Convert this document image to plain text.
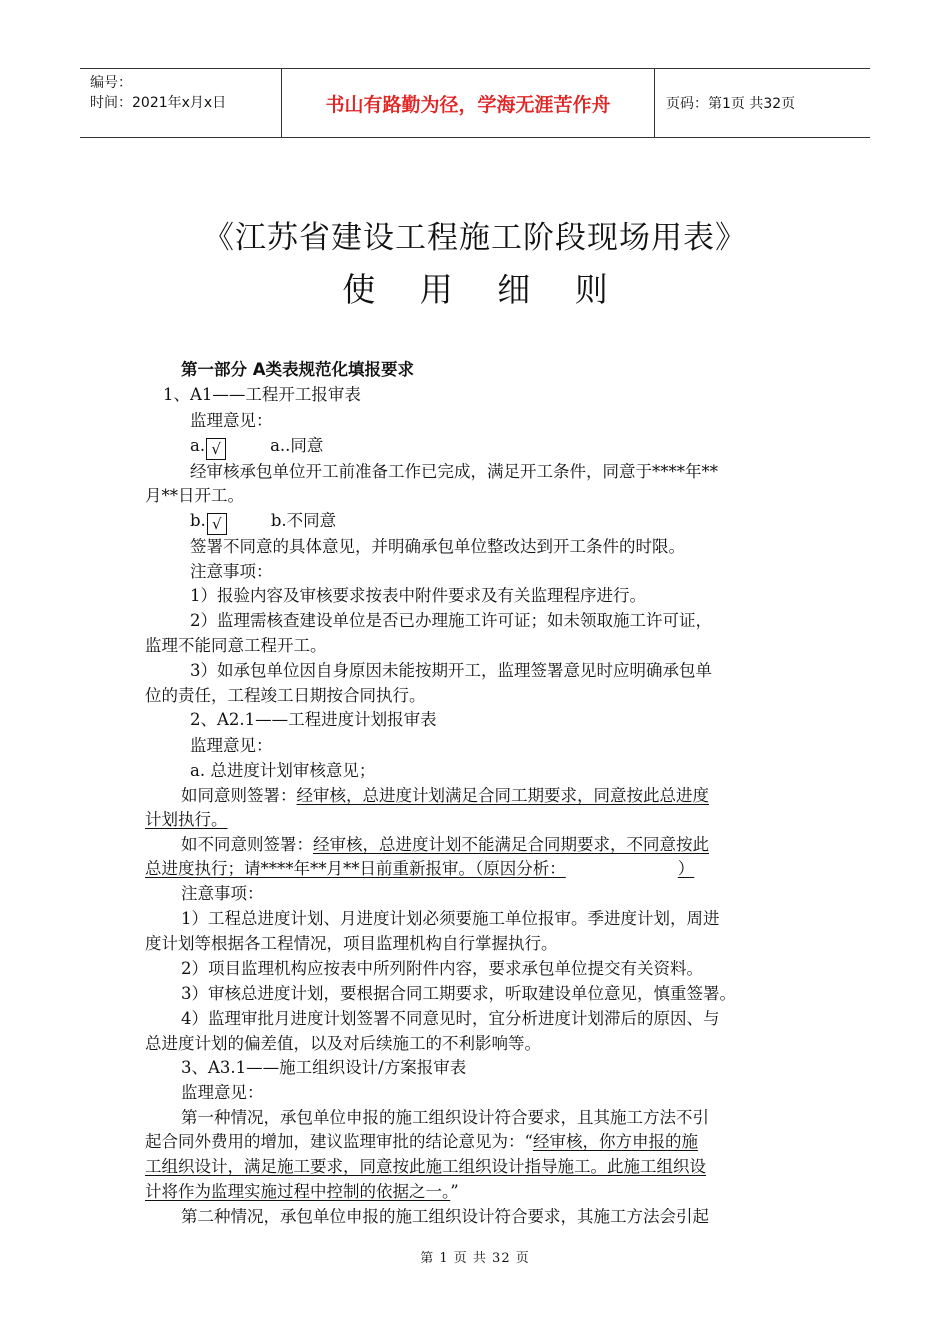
编号：
时间：2021年x月x日	书山有路勤为径，学海无涯苦作舟	页码：第1页 共32页
《江苏省建设工程施工阶段现场用表》
使 用 细 则
第一部分 A类表规范化填报要求
1、A1——工程开工报审表
监理意见：
a. √	a..同意
经审核承包单位开工前准备工作已完成，满足开工条件，同意于****年**
月**日开工。
b. √	b.不同意
签署不同意的具体意见，并明确承包单位整改达到开工条件的时限。
注意事项：
1）报验内容及审核要求按表中附件要求及有关监理程序进行。
2）监理需核查建设单位是否已办理施工许可证；如未领取施工许可证，
监理不能同意工程开工。
3）如承包单位因自身原因未能按期开工，监理签署意见时应明确承包单
位的责任，工程竣工日期按合同执行。
2、A2.1——工程进度计划报审表
监理意见：
a. 总进度计划审核意见；
如同意则签署：经审核，总进度计划满足合同工期要求，同意按此总进度
计划执行。
如不同意则签署：经审核，总进度计划不能满足合同期要求，不同意按此
总进度执行；请****年**月**日前重新报审。（原因分析：	）
注意事项：
1）工程总进度计划、月进度计划必须要施工单位报审。季进度计划，周进
度计划等根据各工程情况，项目监理机构自行掌握执行。
2）项目监理机构应按表中所列附件内容，要求承包单位提交有关资料。
3）审核总进度计划，要根据合同工期要求，听取建设单位意见，慎重签署。
4）监理审批月进度计划签署不同意见时，宜分析进度计划滞后的原因、与
总进度计划的偏差值，以及对后续施工的不利影响等。
3、A3.1——施工组织设计/方案报审表
监理意见：
第一种情况，承包单位申报的施工组织设计符合要求，且其施工方法不引
起合同外费用的增加，建议监理审批的结论意见为：“经审核，你方申报的施
工组织设计，满足施工要求，同意按此施工组织设计指导施工。此施工组织设
计将作为监理实施过程中控制的依据之一。”
第二种情况，承包单位申报的施工组织设计符合要求，其施工方法会引起
第 1 页 共 32 页
